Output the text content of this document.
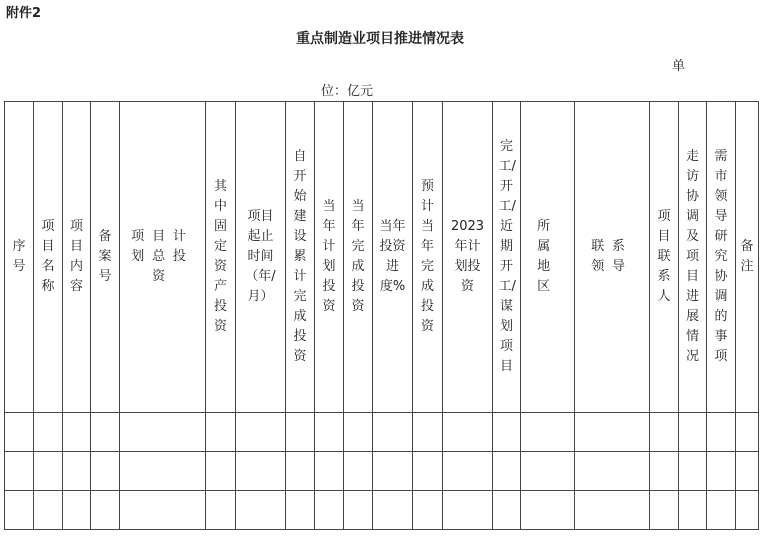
附件2
重点制造业项目推进情况表
单
位：亿元
序号	项目名称	项目内容	备案号	项目计划总投资	其中固定资产投资	项目起止时间（年/月）	自开始建设累计完成投资	当年计划投资	当年完成投资	当年投资进度%	预计当年完成投资	2023年计划投资	完工/开工/近期开工/谋划项目	所属地区	联系领导	项目联系人	走访协调及项目进展情况	需市领导研究协调的事项	备注
